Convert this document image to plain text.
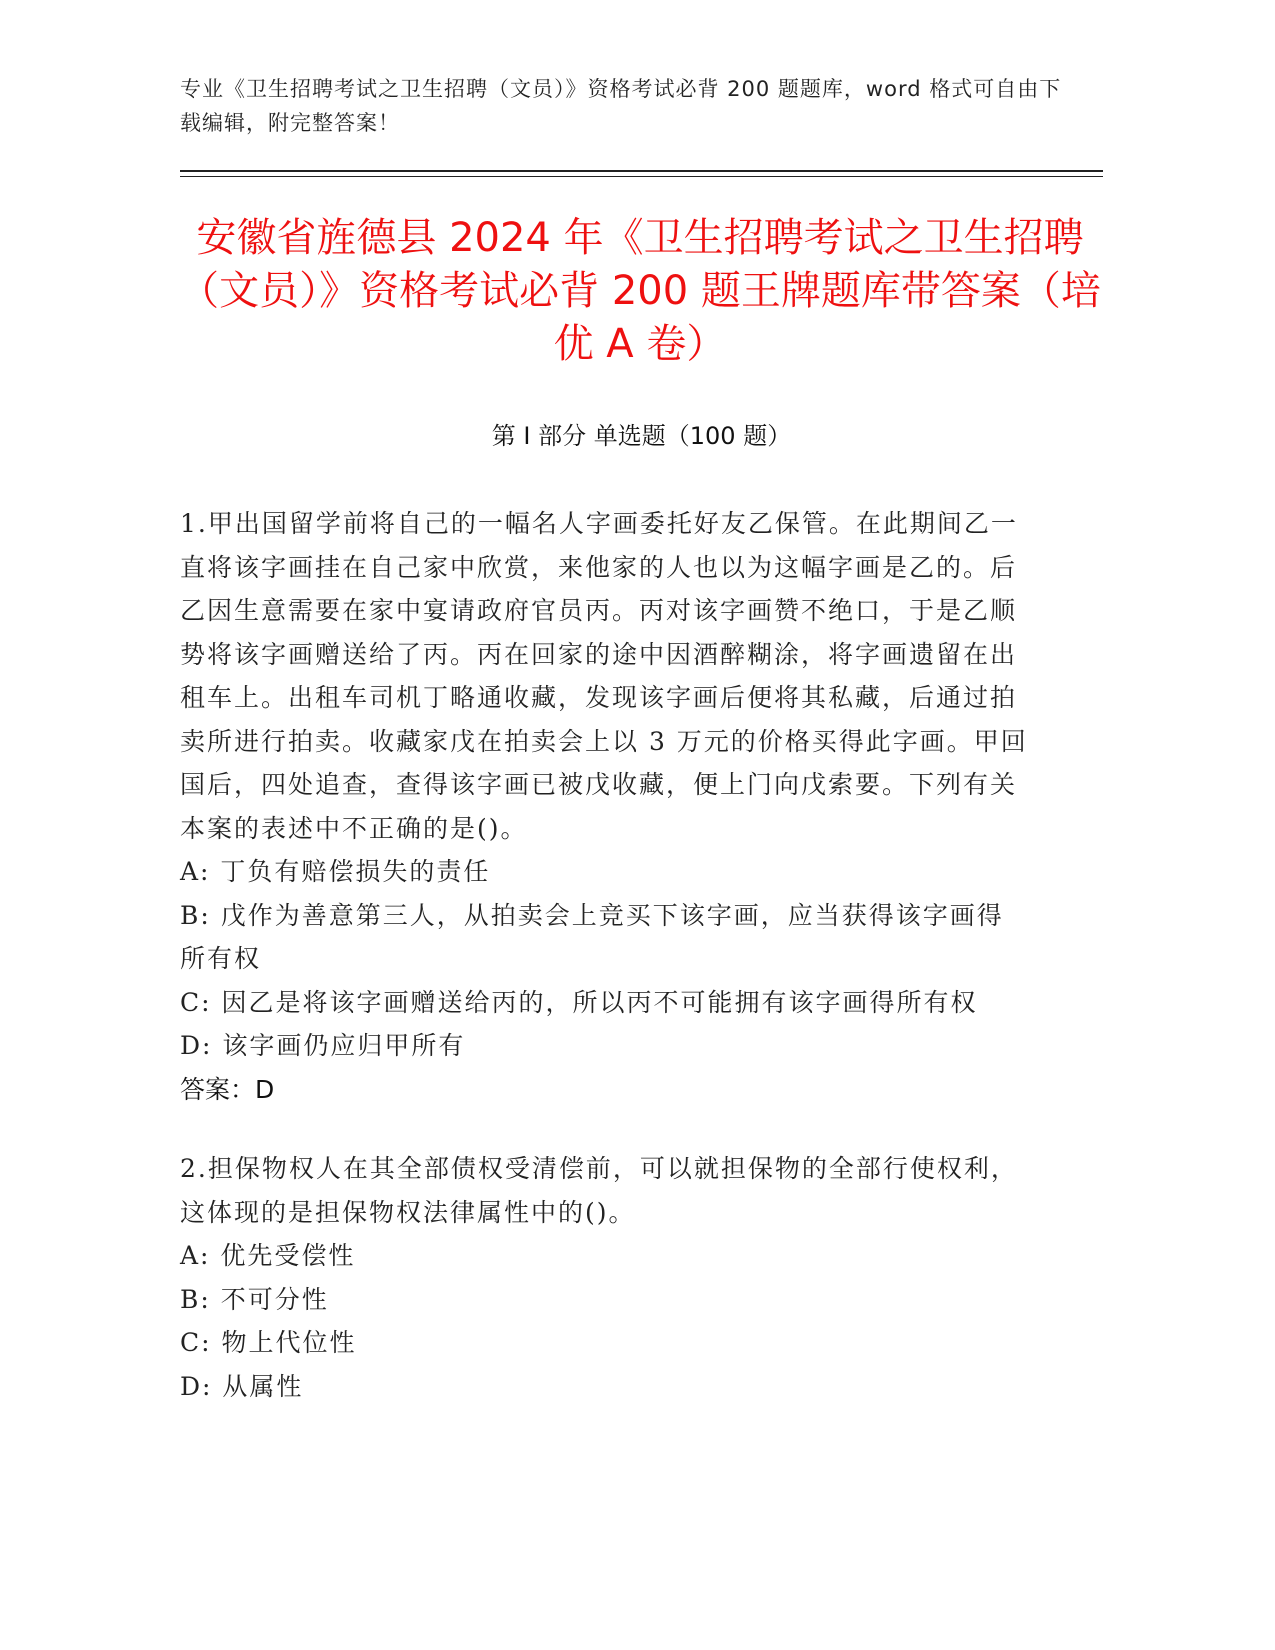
专业《卫生招聘考试之卫生招聘（文员）》资格考试必背 200 题题库，word 格式可自由下载编辑，附完整答案！
安徽省旌德县 2024 年《卫生招聘考试之卫生招聘（文员）》资格考试必背 200 题王牌题库带答案（培优 A 卷）
第 I 部分 单选题（100 题）

1.甲出国留学前将自己的一幅名人字画委托好友乙保管。在此期间乙一直将该字画挂在自己家中欣赏，来他家的人也以为这幅字画是乙的。后乙因生意需要在家中宴请政府官员丙。丙对该字画赞不绝口，于是乙顺势将该字画赠送给了丙。丙在回家的途中因酒醉糊涂，将字画遗留在出租车上。出租车司机丁略通收藏，发现该字画后便将其私藏，后通过拍卖所进行拍卖。收藏家戊在拍卖会上以 3 万元的价格买得此字画。甲回国后，四处追查，查得该字画已被戊收藏，便上门向戊索要。下列有关本案的表述中不正确的是()。

A: 丁负有赔偿损失的责任

B: 戊作为善意第三人，从拍卖会上竞买下该字画，应当获得该字画得所有权

C: 因乙是将该字画赠送给丙的，所以丙不可能拥有该字画得所有权

D: 该字画仍应归甲所有

答案：D

2.担保物权人在其全部债权受清偿前，可以就担保物的全部行使权利，这体现的是担保物权法律属性中的()。

A: 优先受偿性

B: 不可分性

C: 物上代位性

D: 从属性
